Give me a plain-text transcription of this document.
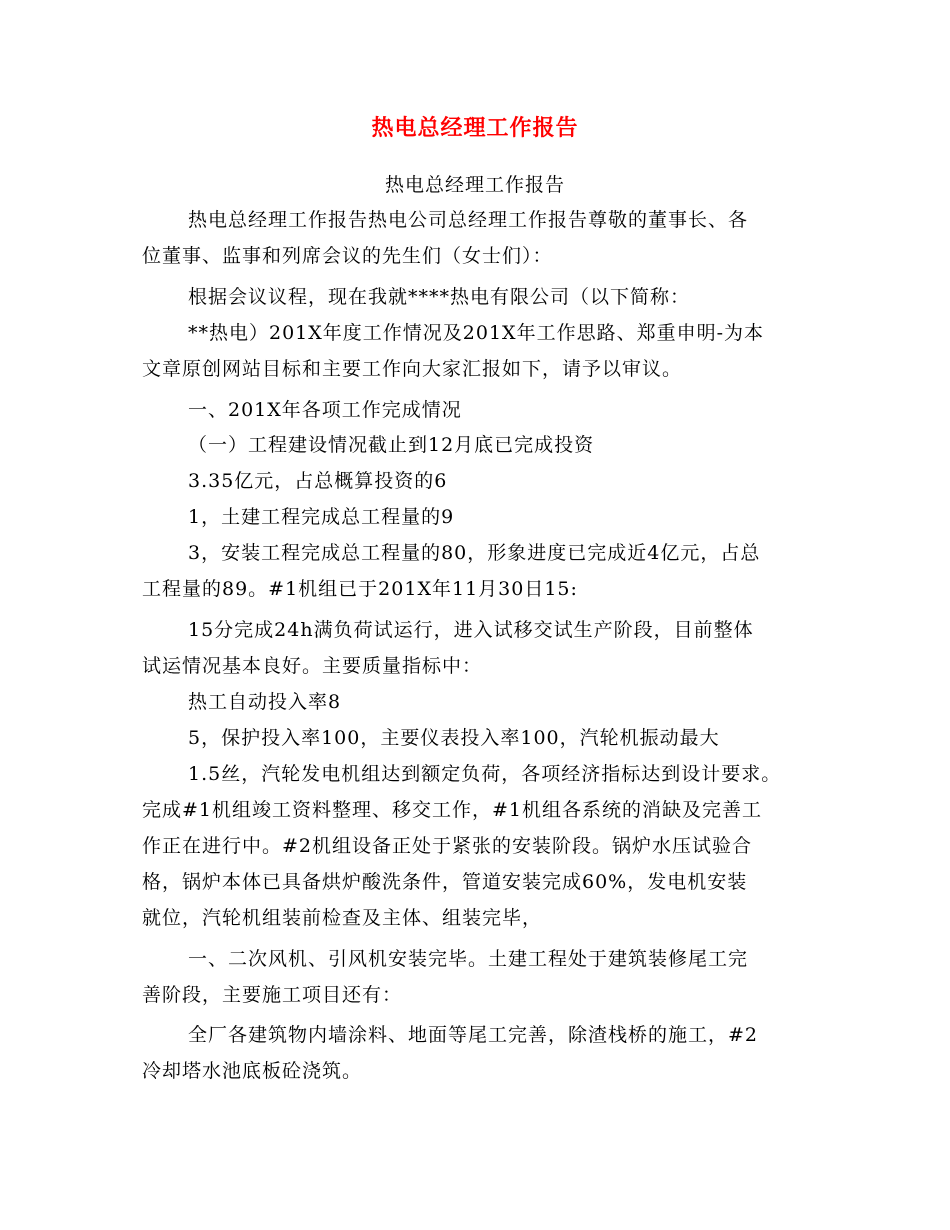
热电总经理工作报告
热电总经理工作报告
热电总经理工作报告热电公司总经理工作报告尊敬的董事长、各
位董事、监事和列席会议的先生们（女士们）：
根据会议议程，现在我就****热电有限公司（以下简称：
**热电）201X年度工作情况及201X年工作思路、郑重申明-为本
文章原创网站目标和主要工作向大家汇报如下，请予以审议。
一、201X年各项工作完成情况
（一）工程建设情况截止到12月底已完成投资
3.35亿元，占总概算投资的6
1，土建工程完成总工程量的9
3，安装工程完成总工程量的80，形象进度已完成近4亿元，占总
工程量的89。#1机组已于201X年11月30日15:
15分完成24h满负荷试运行，进入试移交试生产阶段，目前整体
试运情况基本良好。主要质量指标中：
热工自动投入率8
5，保护投入率100，主要仪表投入率100，汽轮机振动最大
1.5丝，汽轮发电机组达到额定负荷，各项经济指标达到设计要求。
完成#1机组竣工资料整理、移交工作，#1机组各系统的消缺及完善工
作正在进行中。#2机组设备正处于紧张的安装阶段。锅炉水压试验合
格，锅炉本体已具备烘炉酸洗条件，管道安装完成60%，发电机安装
就位，汽轮机组装前检查及主体、组装完毕，
一、二次风机、引风机安装完毕。土建工程处于建筑装修尾工完
善阶段，主要施工项目还有：
全厂各建筑物内墙涂料、地面等尾工完善，除渣栈桥的施工，#2
冷却塔水池底板砼浇筑。
